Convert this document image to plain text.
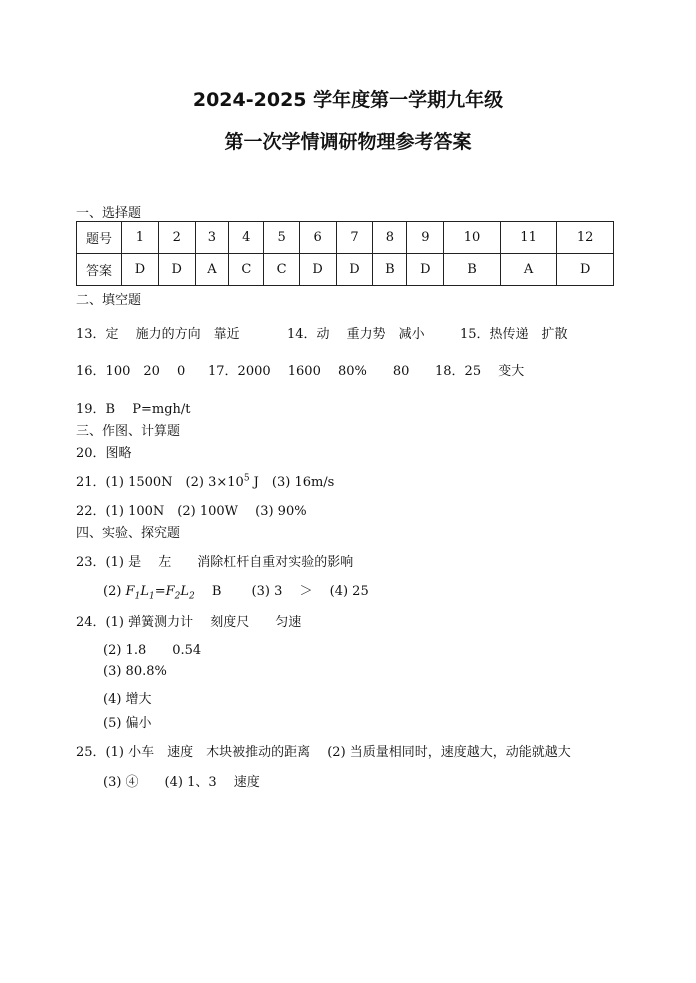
2024-2025 学年度第一学期九年级
第一次学情调研物理参考答案
一、选择题
题号	1	2	3	4	5	6	7	8	9	10	11	12
答案	D	D	A	C	C	D	D	B	D	B	A	D
二、填空题
13．定　 施力的方向　靠近	14．动　 重力势　减小	15．热传递　扩散
16．100　20　 0 17．2000　 1600　 80%　　80 18．25　 变大
19．B　 P=mgh/t
三、作图、计算题
20．图略
21．(1) 1500N　(2) $3\times 10^5$ J　(3) 16m/s
22．(1) 100N　(2) 100W　 (3) 90%
四、实验、探究题
23．(1) 是　 左　　消除杠杆自重对实验的影响
(2) $F_1L_1=F_2L_2$　 B　　 (3) 3　 ＞　 (4) 25
24．(1) 弹簧测力计　 刻度尺　　匀速
(2) 1.8　　0.54
(3) 80.8%
(4) 增大
(5) 偏小
25．(1) 小车　速度　木块被推动的距离　 (2) 当质量相同时，速度越大，动能就越大
(3) ④　　(4) 1、3　 速度
